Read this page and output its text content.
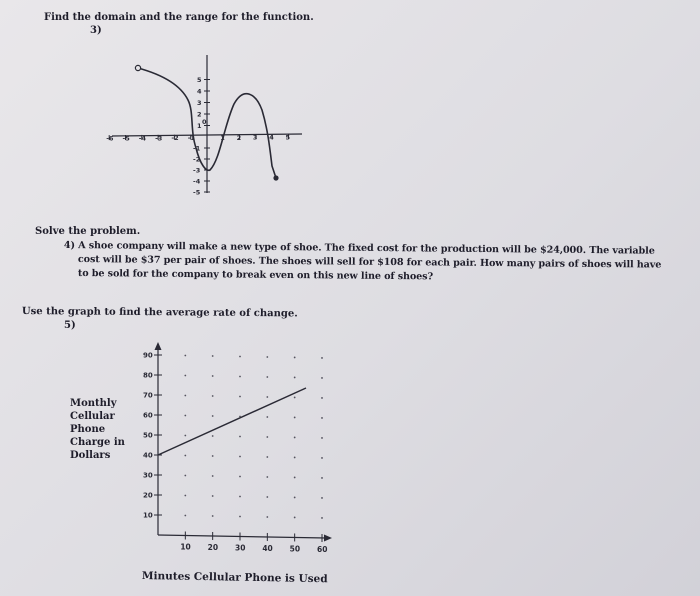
Find the domain and the range for the function.
3)
-6 -5 -4 -3 -2 -1	1 2 3 4 5
5
4
3
2
1
-1
-2
-3
-4
-5
0
Solve the problem.
4) A shoe company will make a new type of shoe. The fixed cost for the production will be $24,000. The variable
cost will be $37 per pair of shoes. The shoes will sell for $108 for each pair. How many pairs of shoes will have
to be sold for the company to break even on this new line of shoes?
Use the graph to find the average rate of change.
5)
Monthly
Cellular
Phone
Charge in
Dollars
10
20
30
40
50
60
70
80
90
10 20 30 40 50 60
Minutes Cellular Phone is Used
